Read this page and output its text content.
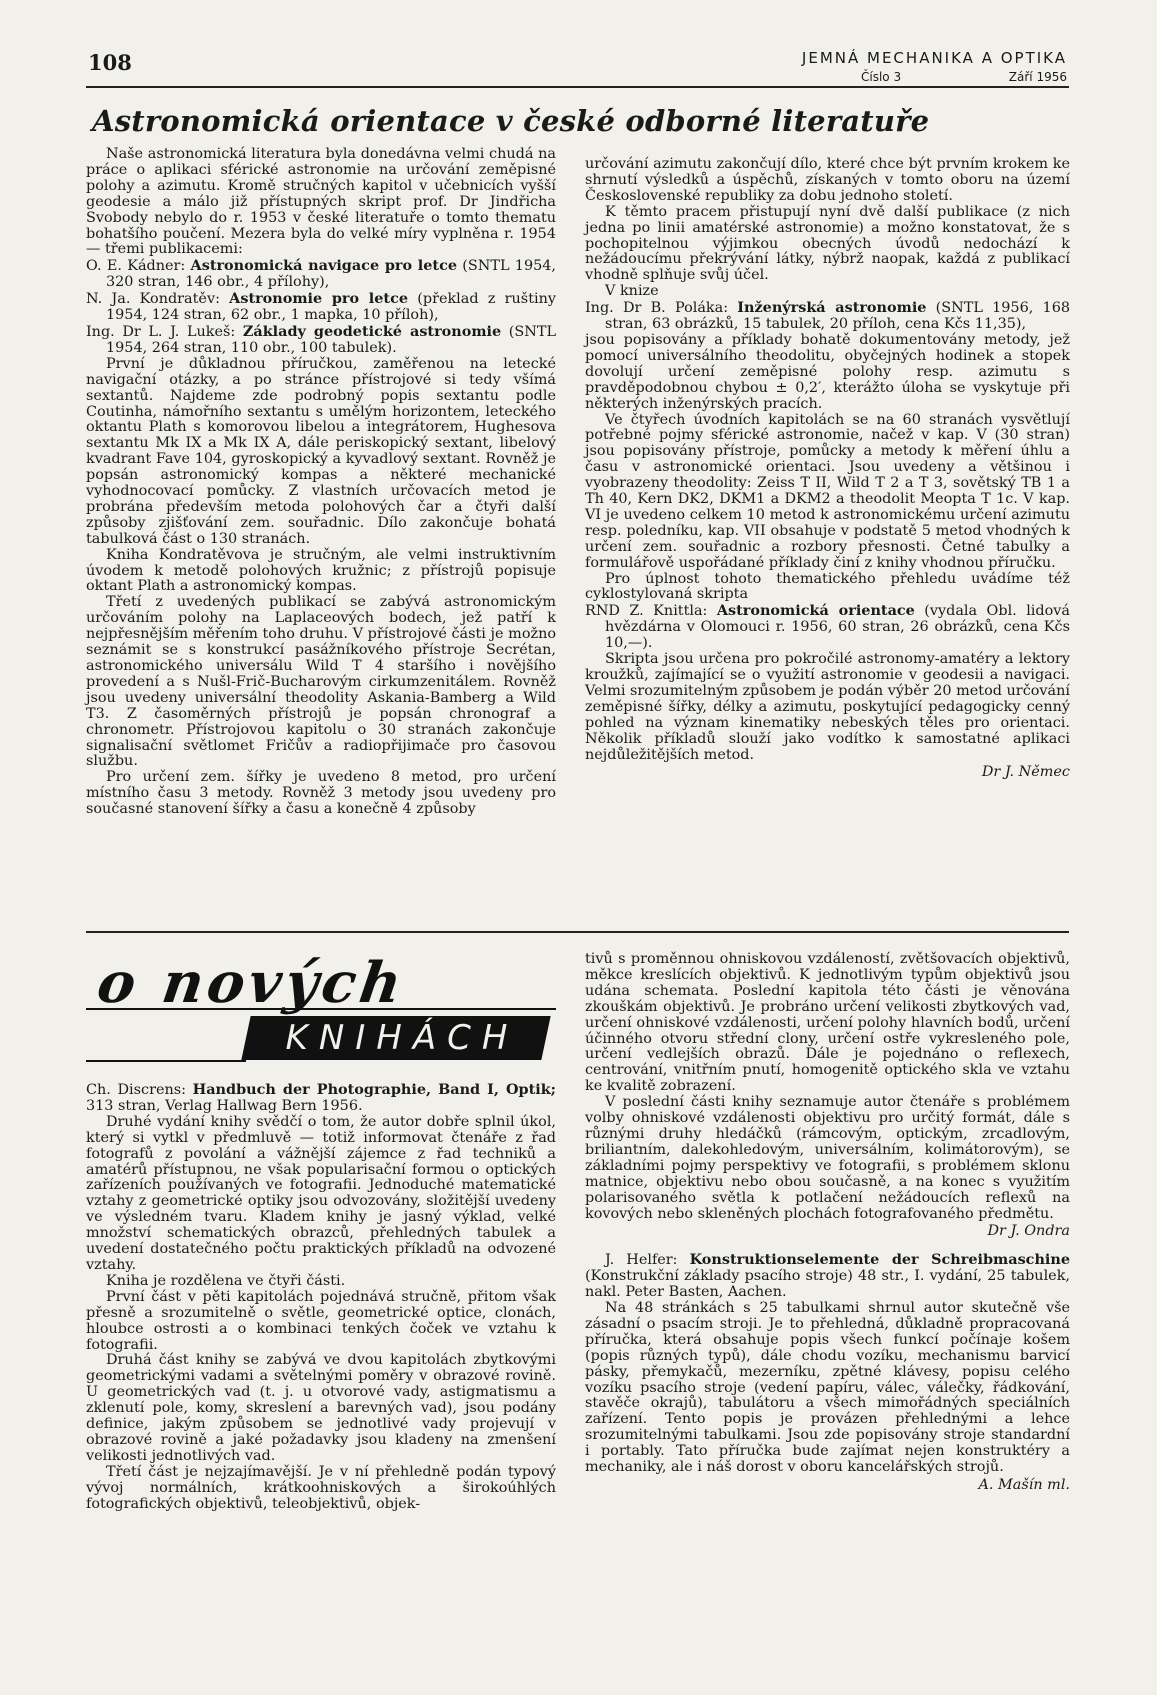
108	JEMNÁ MECHANIKA A OPTIKA
Číslo 3	Září 1956
Astronomická orientace v české odborné literatuře

Naše astronomická literatura byla donedávna velmi chudá na práce o aplikaci sférické astronomie na určování zeměpisné polohy a azimutu. Kromě stručných kapitol v učebnicích vyšší geodesie a málo již přístupných skript prof. Dr Jindřicha Svobody nebylo do r. 1953 v české literatuře o tomto thematu bohatšího poučení. Mezera byla do velké míry vyplněna r. 1954 — třemi publikacemi:

O. E. Kádner: Astronomická navigace pro letce (SNTL 1954, 320 stran, 146 obr., 4 přílohy),

N. Ja. Kondratěv: Astronomie pro letce (překlad z ruštiny 1954, 124 stran, 62 obr., 1 mapka, 10 příloh),

Ing. Dr L. J. Lukeš: Základy geodetické astronomie (SNTL 1954, 264 stran, 110 obr., 100 tabulek).

První je důkladnou příručkou, zaměřenou na letecké navigační otázky, a po stránce přístrojové si tedy všímá sextantů. Najdeme zde podrobný popis sextantu podle Coutinha, námořního sextantu s umělým horizontem, leteckého oktantu Plath s komorovou libelou a integrátorem, Hughesova sextantu Mk IX a Mk IX A, dále periskopický sextant, libelový kvadrant Fave 104, gyroskopický a kyvadlový sextant. Rovněž je popsán astronomický kompas a některé mechanické vyhodnocovací pomůcky. Z vlastních určovacích metod je probrána především metoda polohových čar a čtyři další způsoby zjišťování zem. souřadnic. Dílo zakončuje bohatá tabulková část o 130 stranách.

Kniha Kondratěvova je stručným, ale velmi instruktivním úvodem k metodě polohových kružnic; z přístrojů popisuje oktant Plath a astronomický kompas.

Třetí z uvedených publikací se zabývá astronomickým určováním polohy na Laplaceových bodech, jež patří k nejpřesnějším měřením toho druhu. V přístrojové části je možno seznámit se s konstrukcí pasážníkového přístroje Secrétan, astronomického universálu Wild T 4 staršího i novějšího provedení a s Nušl-Frič-Bucharovým cirkumzenitálem. Rovněž jsou uvedeny universální theodolity Askania-Bamberg a Wild T3. Z časoměrných přístrojů je popsán chronograf a chronometr. Přístrojovou kapitolu o 30 stranách zakončuje signalisační světlomet Fričův a radiopřijimače pro časovou službu.

Pro určení zem. šířky je uvedeno 8 metod, pro určení místního času 3 metody. Rovněž 3 metody jsou uvedeny pro současné stanovení šířky a času a konečně 4 způsoby

určování azimutu zakončují dílo, které chce být prvním krokem ke shrnutí výsledků a úspěchů, získaných v tomto oboru na území Československé republiky za dobu jednoho století.

K těmto pracem přistupují nyní dvě další publikace (z nich jedna po linii amatérské astronomie) a možno konstatovat, že s pochopitelnou výjimkou obecných úvodů nedochází k nežádoucímu překrývání látky, nýbrž naopak, každá z publikací vhodně splňuje svůj účel.

V knize

Ing. Dr B. Poláka: Inženýrská astronomie (SNTL 1956, 168 stran, 63 obrázků, 15 tabulek, 20 příloh, cena Kčs 11,35),

jsou popisovány a příklady bohatě dokumentovány metody, jež pomocí universálního theodolitu, obyčejných hodinek a stopek dovolují určení zeměpisné polohy resp. azimutu s pravděpodobnou chybou ± 0,2′, kterážto úloha se vyskytuje při některých inženýrských pracích.

Ve čtyřech úvodních kapitolách se na 60 stranách vysvětlují potřebné pojmy sférické astronomie, načež v kap. V (30 stran) jsou popisovány přístroje, pomůcky a metody k měření úhlu a času v astronomické orientaci. Jsou uvedeny a většinou i vyobrazeny theodolity: Zeiss T II, Wild T 2 a T 3, sovětský TB 1 a Th 40, Kern DK2, DKM1 a DKM2 a theodolit Meopta T 1c. V kap. VI je uvedeno celkem 10 metod k astronomickému určení azimutu resp. poledníku, kap. VII obsahuje v podstatě 5 metod vhodných k určení zem. souřadnic a rozbory přesnosti. Četné tabulky a formulářově uspořádané příklady činí z knihy vhodnou příručku.

Pro úplnost tohoto thematického přehledu uvádíme též cyklostylovaná skripta

RND Z. Knittla: Astronomická orientace (vydala Obl. lidová hvězdárna v Olomouci r. 1956, 60 stran, 26 obrázků, cena Kčs 10,—).

Skripta jsou určena pro pokročilé astronomy-amatéry a lektory kroužků, zajímající se o využití astronomie v geodesii a navigaci. Velmi srozumitelným způsobem je podán výběr 20 metod určování zeměpisné šířky, délky a azimutu, poskytující pedagogicky cenný pohled na význam kinematiky nebeských těles pro orientaci. Několik příkladů slouží jako vodítko k samostatné aplikaci nejdůležitějších metod.

Dr J. Němec

o nových
KNIHÁCH

Ch. Discrens: Handbuch der Photographie, Band I, Optik; 313 stran, Verlag Hallwag Bern 1956.

Druhé vydání knihy svědčí o tom, že autor dobře splnil úkol, který si vytkl v předmluvě — totiž informovat čtenáře z řad fotografů z povolání a vážnější zájemce z řad techniků a amatérů přístupnou, ne však popularisační formou o optických zařízeních používaných ve fotografii. Jednoduché matematické vztahy z geometrické optiky jsou odvozovány, složitější uvedeny ve výsledném tvaru. Kladem knihy je jasný výklad, velké množství schematických obrazců, přehledných tabulek a uvedení dostatečného počtu praktických příkladů na odvozené vztahy.

Kniha je rozdělena ve čtyři části.

První část v pěti kapitolách pojednává stručně, přitom však přesně a srozumitelně o světle, geometrické optice, clonách, hloubce ostrosti a o kombinaci tenkých čoček ve vztahu k fotografii.

Druhá část knihy se zabývá ve dvou kapitolách zbytkovými geometrickými vadami a světelnými poměry v obrazové rovině. U geometrických vad (t. j. u otvorové vady, astigmatismu a zklenutí pole, komy, skreslení a barevných vad), jsou podány definice, jakým způsobem se jednotlivé vady projevují v obrazové rovině a jaké požadavky jsou kladeny na zmenšení velikosti jednotlivých vad.

Třetí část je nejzajímavější. Je v ní přehledně podán typový vývoj normálních, krátkoohniskových a širokoúhlých fotografických objektivů, teleobjektivů, objek-

tivů s proměnnou ohniskovou vzdáleností, zvětšovacích objektivů, měkce kreslících objektivů. K jednotlivým typům objektivů jsou udána schemata. Poslední kapitola této části je věnována zkouškám objektivů. Je probráno určení velikosti zbytkových vad, určení ohniskové vzdálenosti, určení polohy hlavních bodů, určení účinného otvoru střední clony, určení ostře vykresleného pole, určení vedlejších obrazů. Dále je pojednáno o reflexech, centrování, vnitřním pnutí, homogenitě optického skla ve vztahu ke kvalitě zobrazení.

V poslední části knihy seznamuje autor čtenáře s problémem volby ohniskové vzdálenosti objektivu pro určitý formát, dále s různými druhy hledáčků (rámcovým, optickým, zrcadlovým, briliantním, dalekohledovým, universálním, kolimátorovým), se základními pojmy perspektivy ve fotografii, s problémem sklonu matnice, objektivu nebo obou současně, a na konec s využitím polarisovaného světla k potlačení nežádoucích reflexů na kovových nebo skleněných plochách fotografovaného předmětu.

Dr J. Ondra

J. Helfer: Konstruktionselemente der Schreibmaschine (Konstrukční základy psacího stroje) 48 str., I. vydání, 25 tabulek, nakl. Peter Basten, Aachen.

Na 48 stránkách s 25 tabulkami shrnul autor skutečně vše zásadní o psacím stroji. Je to přehledná, důkladně propracovaná příručka, která obsahuje popis všech funkcí počínaje košem (popis různých typů), dále chodu vozíku, mechanismu barvicí pásky, přemykačů, mezerníku, zpětné klávesy, popisu celého vozíku psacího stroje (vedení papíru, válec, válečky, řádkování, stavěče okrajů), tabulátoru a všech mimořádných speciálních zařízení. Tento popis je provázen přehlednými a lehce srozumitelnými tabulkami. Jsou zde popisovány stroje standardní i portably. Tato příručka bude zajímat nejen konstruktéry a mechaniky, ale i náš dorost v oboru kancelářských strojů.

A. Mašín ml.
